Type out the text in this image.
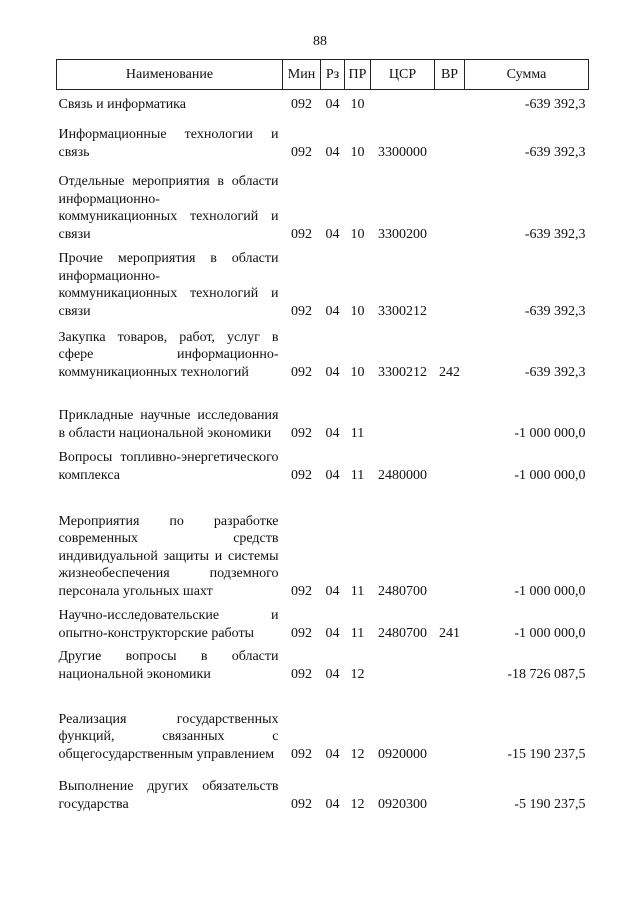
88
Наименование	Мин	Рз	ПР	ЦСР	ВР	Сумма
Связь и информатика	092	04	10			-639 392,3
Информационные технологии и связь	092	04	10	3300000		-639 392,3
Отдельные мероприятия в области информационно-коммуникационных технологий и связи	092	04	10	3300200		-639 392,3
Прочие мероприятия в области информационно-коммуникационных технологий и связи	092	04	10	3300212		-639 392,3
Закупка товаров, работ, услуг в сфере информационно-коммуникационных технологий	092	04	10	3300212	242	-639 392,3
Прикладные научные исследования в области национальной экономики	092	04	11			-1 000 000,0
Вопросы топливно-энергетического комплекса	092	04	11	2480000		-1 000 000,0
Мероприятия по разработке современных средств индивидуальной защиты и системы жизнеобеспечения подземного персонала угольных шахт	092	04	11	2480700		-1 000 000,0
Научно-исследовательские и опытно-конструкторские работы	092	04	11	2480700	241	-1 000 000,0
Другие вопросы в области национальной экономики	092	04	12			-18 726 087,5
Реализация государственных функций, связанных с общегосударственным управлением	092	04	12	0920000		-15 190 237,5
Выполнение других обязательств государства	092	04	12	0920300		-5 190 237,5
